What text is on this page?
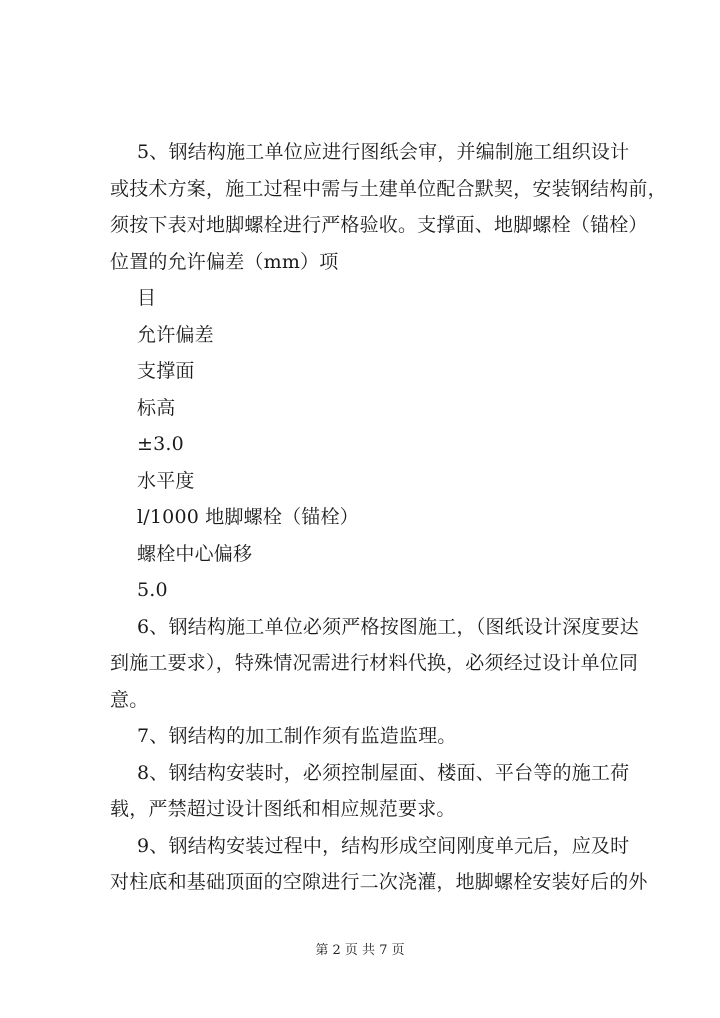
5、钢结构施工单位应进行图纸会审，并编制施工组织设计
或技术方案，施工过程中需与土建单位配合默契，安装钢结构前，
须按下表对地脚螺栓进行严格验收。支撑面、地脚螺栓（锚栓）
位置的允许偏差（mm）项
目
允许偏差
支撑面
标高
±3.0
水平度
l/1000 地脚螺栓（锚栓）
螺栓中心偏移
5.0
6、钢结构施工单位必须严格按图施工，（图纸设计深度要达
到施工要求），特殊情况需进行材料代换，必须经过设计单位同
意。
7、钢结构的加工制作须有监造监理。
8、钢结构安装时，必须控制屋面、楼面、平台等的施工荷
载，严禁超过设计图纸和相应规范要求。
9、钢结构安装过程中，结构形成空间刚度单元后，应及时
对柱底和基础顶面的空隙进行二次浇灌，地脚螺栓安装好后的外
第 2 页 共 7 页
